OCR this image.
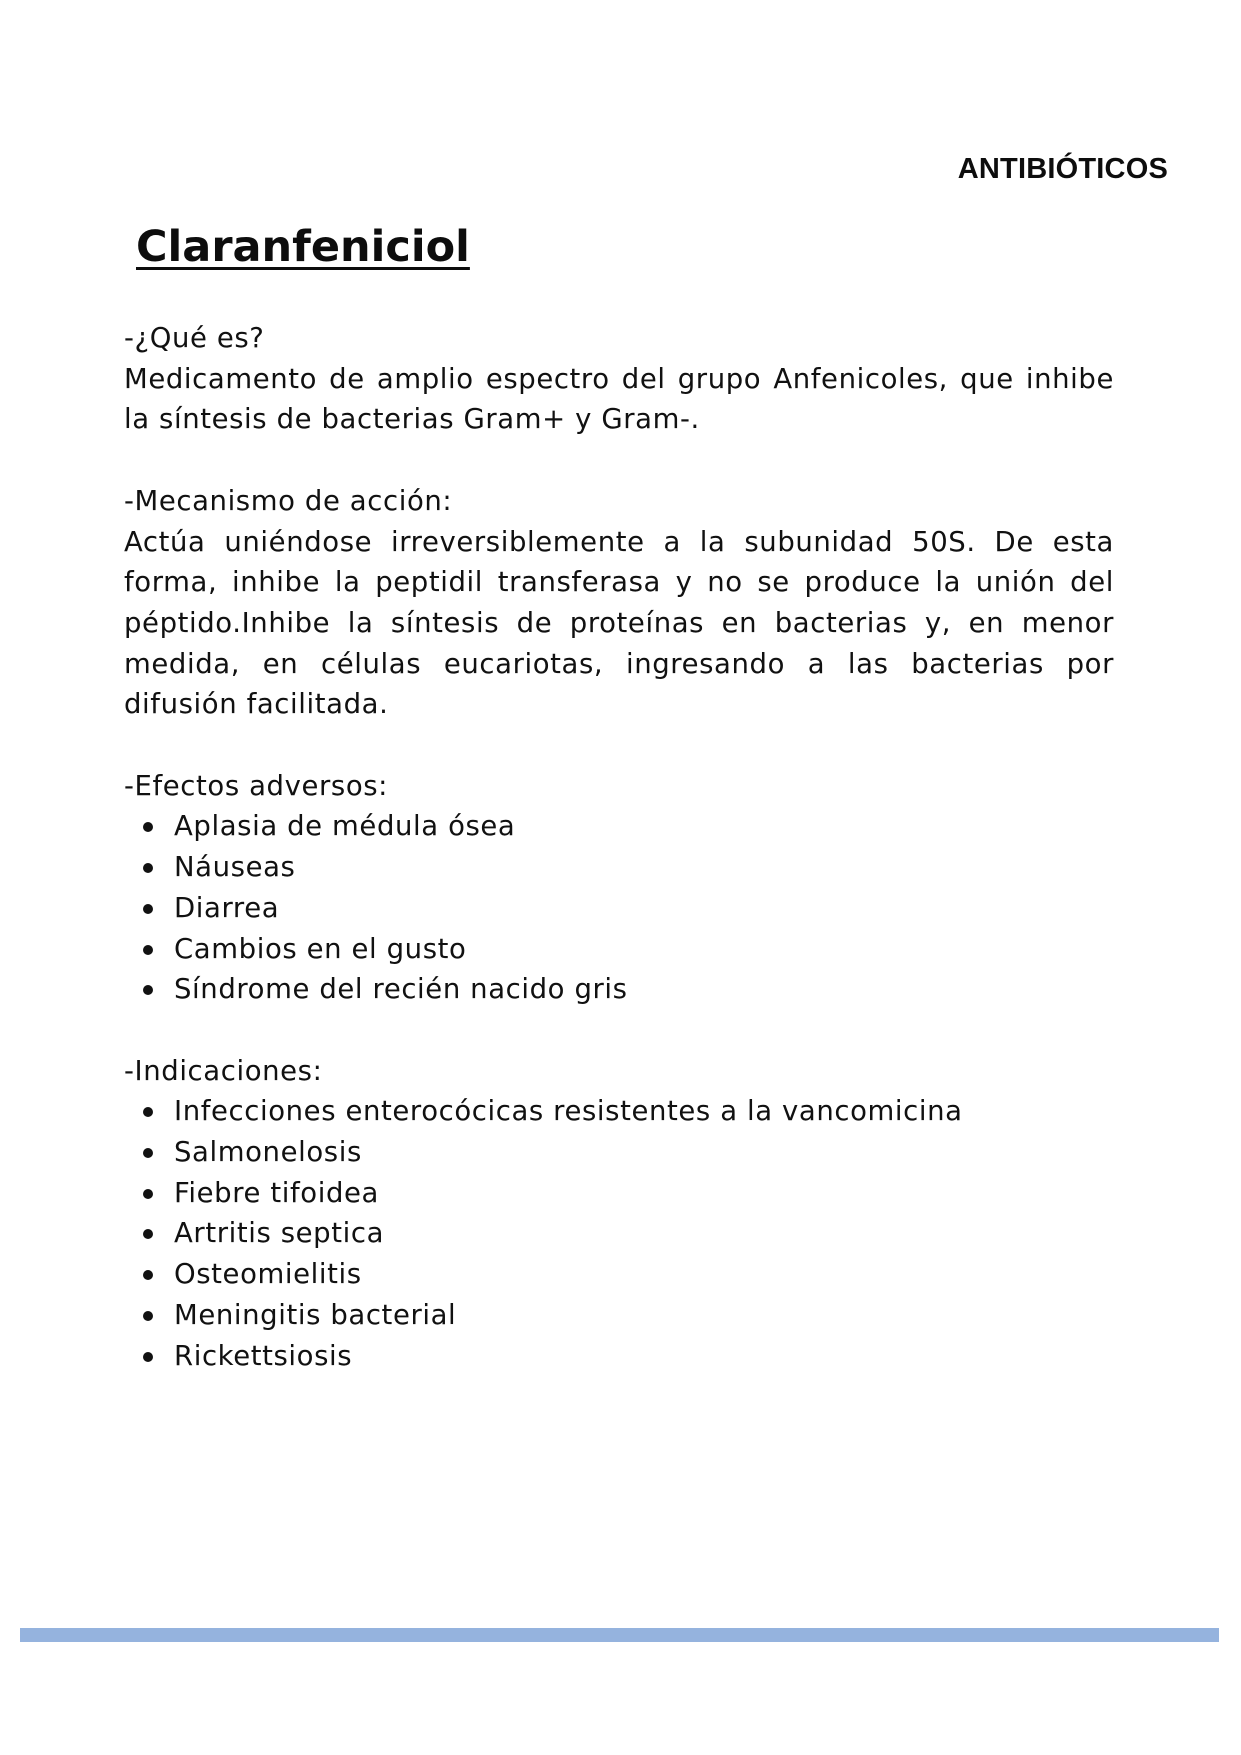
ANTIBIÓTICOS
Claranfeniciol
-¿Qué es?

Medicamento de amplio espectro del grupo Anfenicoles, que inhibe la síntesis de bacterias Gram+ y Gram-.

-Mecanismo de acción:

Actúa uniéndose irreversiblemente a la subunidad 50S. De esta forma, inhibe la peptidil transferasa y no se produce la unión del péptido.Inhibe la síntesis de proteínas en bacterias y, en menor medida, en células eucariotas, ingresando a las bacterias por difusión facilitada.

-Efectos adversos:
Aplasia de médula ósea
Náuseas
Diarrea
Cambios en el gusto
Síndrome del recién nacido gris
-Indicaciones:
Infecciones enterocócicas resistentes a la vancomicina
Salmonelosis
Fiebre tifoidea
Artritis septica
Osteomielitis
Meningitis bacterial
Rickettsiosis
